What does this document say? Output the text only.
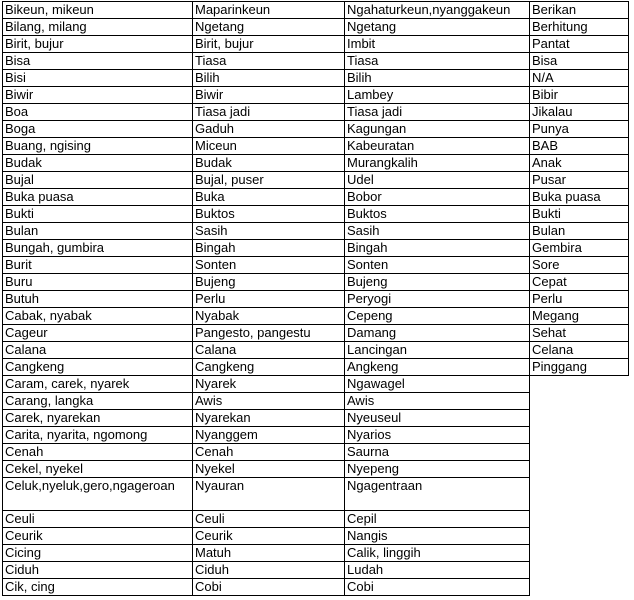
Bikeun, mikeun	Maparinkeun	Ngahaturkeun,nyanggakeun	Berikan
Bilang, milang	Ngetang	Ngetang	Berhitung
Birit, bujur	Birit, bujur	Imbit	Pantat
Bisa	Tiasa	Tiasa	Bisa
Bisi	Bilih	Bilih	N/A
Biwir	Biwir	Lambey	Bibir
Boa	Tiasa jadi	Tiasa jadi	Jikalau
Boga	Gaduh	Kagungan	Punya
Buang, ngising	Miceun	Kabeuratan	BAB
Budak	Budak	Murangkalih	Anak
Bujal	Bujal, puser	Udel	Pusar
Buka puasa	Buka	Bobor	Buka puasa
Bukti	Buktos	Buktos	Bukti
Bulan	Sasih	Sasih	Bulan
Bungah, gumbira	Bingah	Bingah	Gembira
Burit	Sonten	Sonten	Sore
Buru	Bujeng	Bujeng	Cepat
Butuh	Perlu	Peryogi	Perlu
Cabak, nyabak	Nyabak	Cepeng	Megang
Cageur	Pangesto, pangestu	Damang	Sehat
Calana	Calana	Lancingan	Celana
Cangkeng	Cangkeng	Angkeng	Pinggang
Caram, carek, nyarek	Nyarek	Ngawagel	
Carang, langka	Awis	Awis	
Carek, nyarekan	Nyarekan	Nyeuseul	
Carita, nyarita, ngomong	Nyanggem	Nyarios	
Cenah	Cenah	Saurna	
Cekel, nyekel	Nyekel	Nyepeng	
Celuk,nyeluk,gero,ngageroan	Nyauran	Ngagentraan	
Ceuli	Ceuli	Cepil	
Ceurik	Ceurik	Nangis	
Cicing	Matuh	Calik, linggih	
Ciduh	Ciduh	Ludah	
Cik, cing	Cobi	Cobi	
